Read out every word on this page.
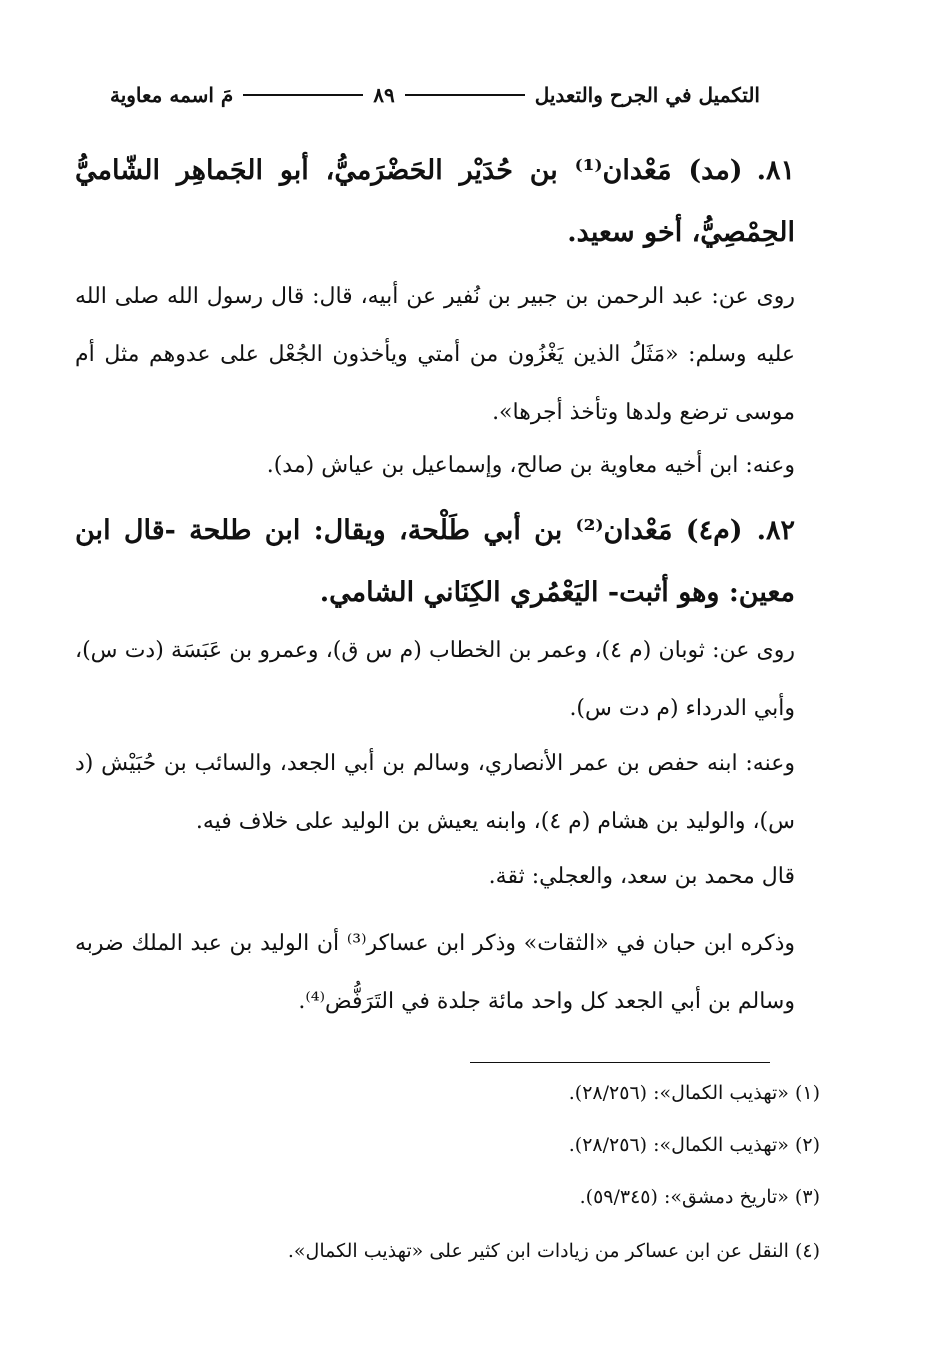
التكميل في الجرح والتعديل
٨٩
مَ اسمه معاوية
٨١.(مد) مَعْدان⁽¹⁾ بن حُدَيْر الحَضْرَميُّ، أبو الجَماهِر الشّاميُّ الحِمْصِيُّ، أخو سعيد.
روى عن: عبد الرحمن بن جبير بن نُفير عن أبيه، قال: قال رسول الله صلى الله عليه وسلم: «مَثَلُ الذين يَغْزُون من أمتي ويأخذون الجُعْل على عدوهم مثل أم موسى ترضع ولدها وتأخذ أجرها».
وعنه: ابن أخيه معاوية بن صالح، وإسماعيل بن عياش (مد).
٨٢.(م٤) مَعْدان⁽²⁾ بن أبي طَلْحة، ويقال: ابن طلحة -قال ابن معين: وهو أثبت- اليَعْمُري الكِنَاني الشامي.
روى عن: ثوبان (م ٤)، وعمر بن الخطاب (م س ق)، وعمرو بن عَبَسَة (دت س)، وأبي الدرداء (م دت س).
وعنه: ابنه حفص بن عمر الأنصاري، وسالم بن أبي الجعد، والسائب بن حُبَيْش (د س)، والوليد بن هشام (م ٤)، وابنه يعيش بن الوليد على خلاف فيه.
قال محمد بن سعد، والعجلي: ثقة.
وذكره ابن حبان في «الثقات» وذكر ابن عساكر⁽³⁾ أن الوليد بن عبد الملك ضربه وسالم بن أبي الجعد كل واحد مائة جلدة في التَرَفُّض⁽⁴⁾.
(١) «تهذيب الكمال»: (٢٨/٢٥٦).
(٢) «تهذيب الكمال»: (٢٨/٢٥٦).
(٣) «تاريخ دمشق»: (٥٩/٣٤٥).
(٤) النقل عن ابن عساكر من زيادات ابن كثير على «تهذيب الكمال».
